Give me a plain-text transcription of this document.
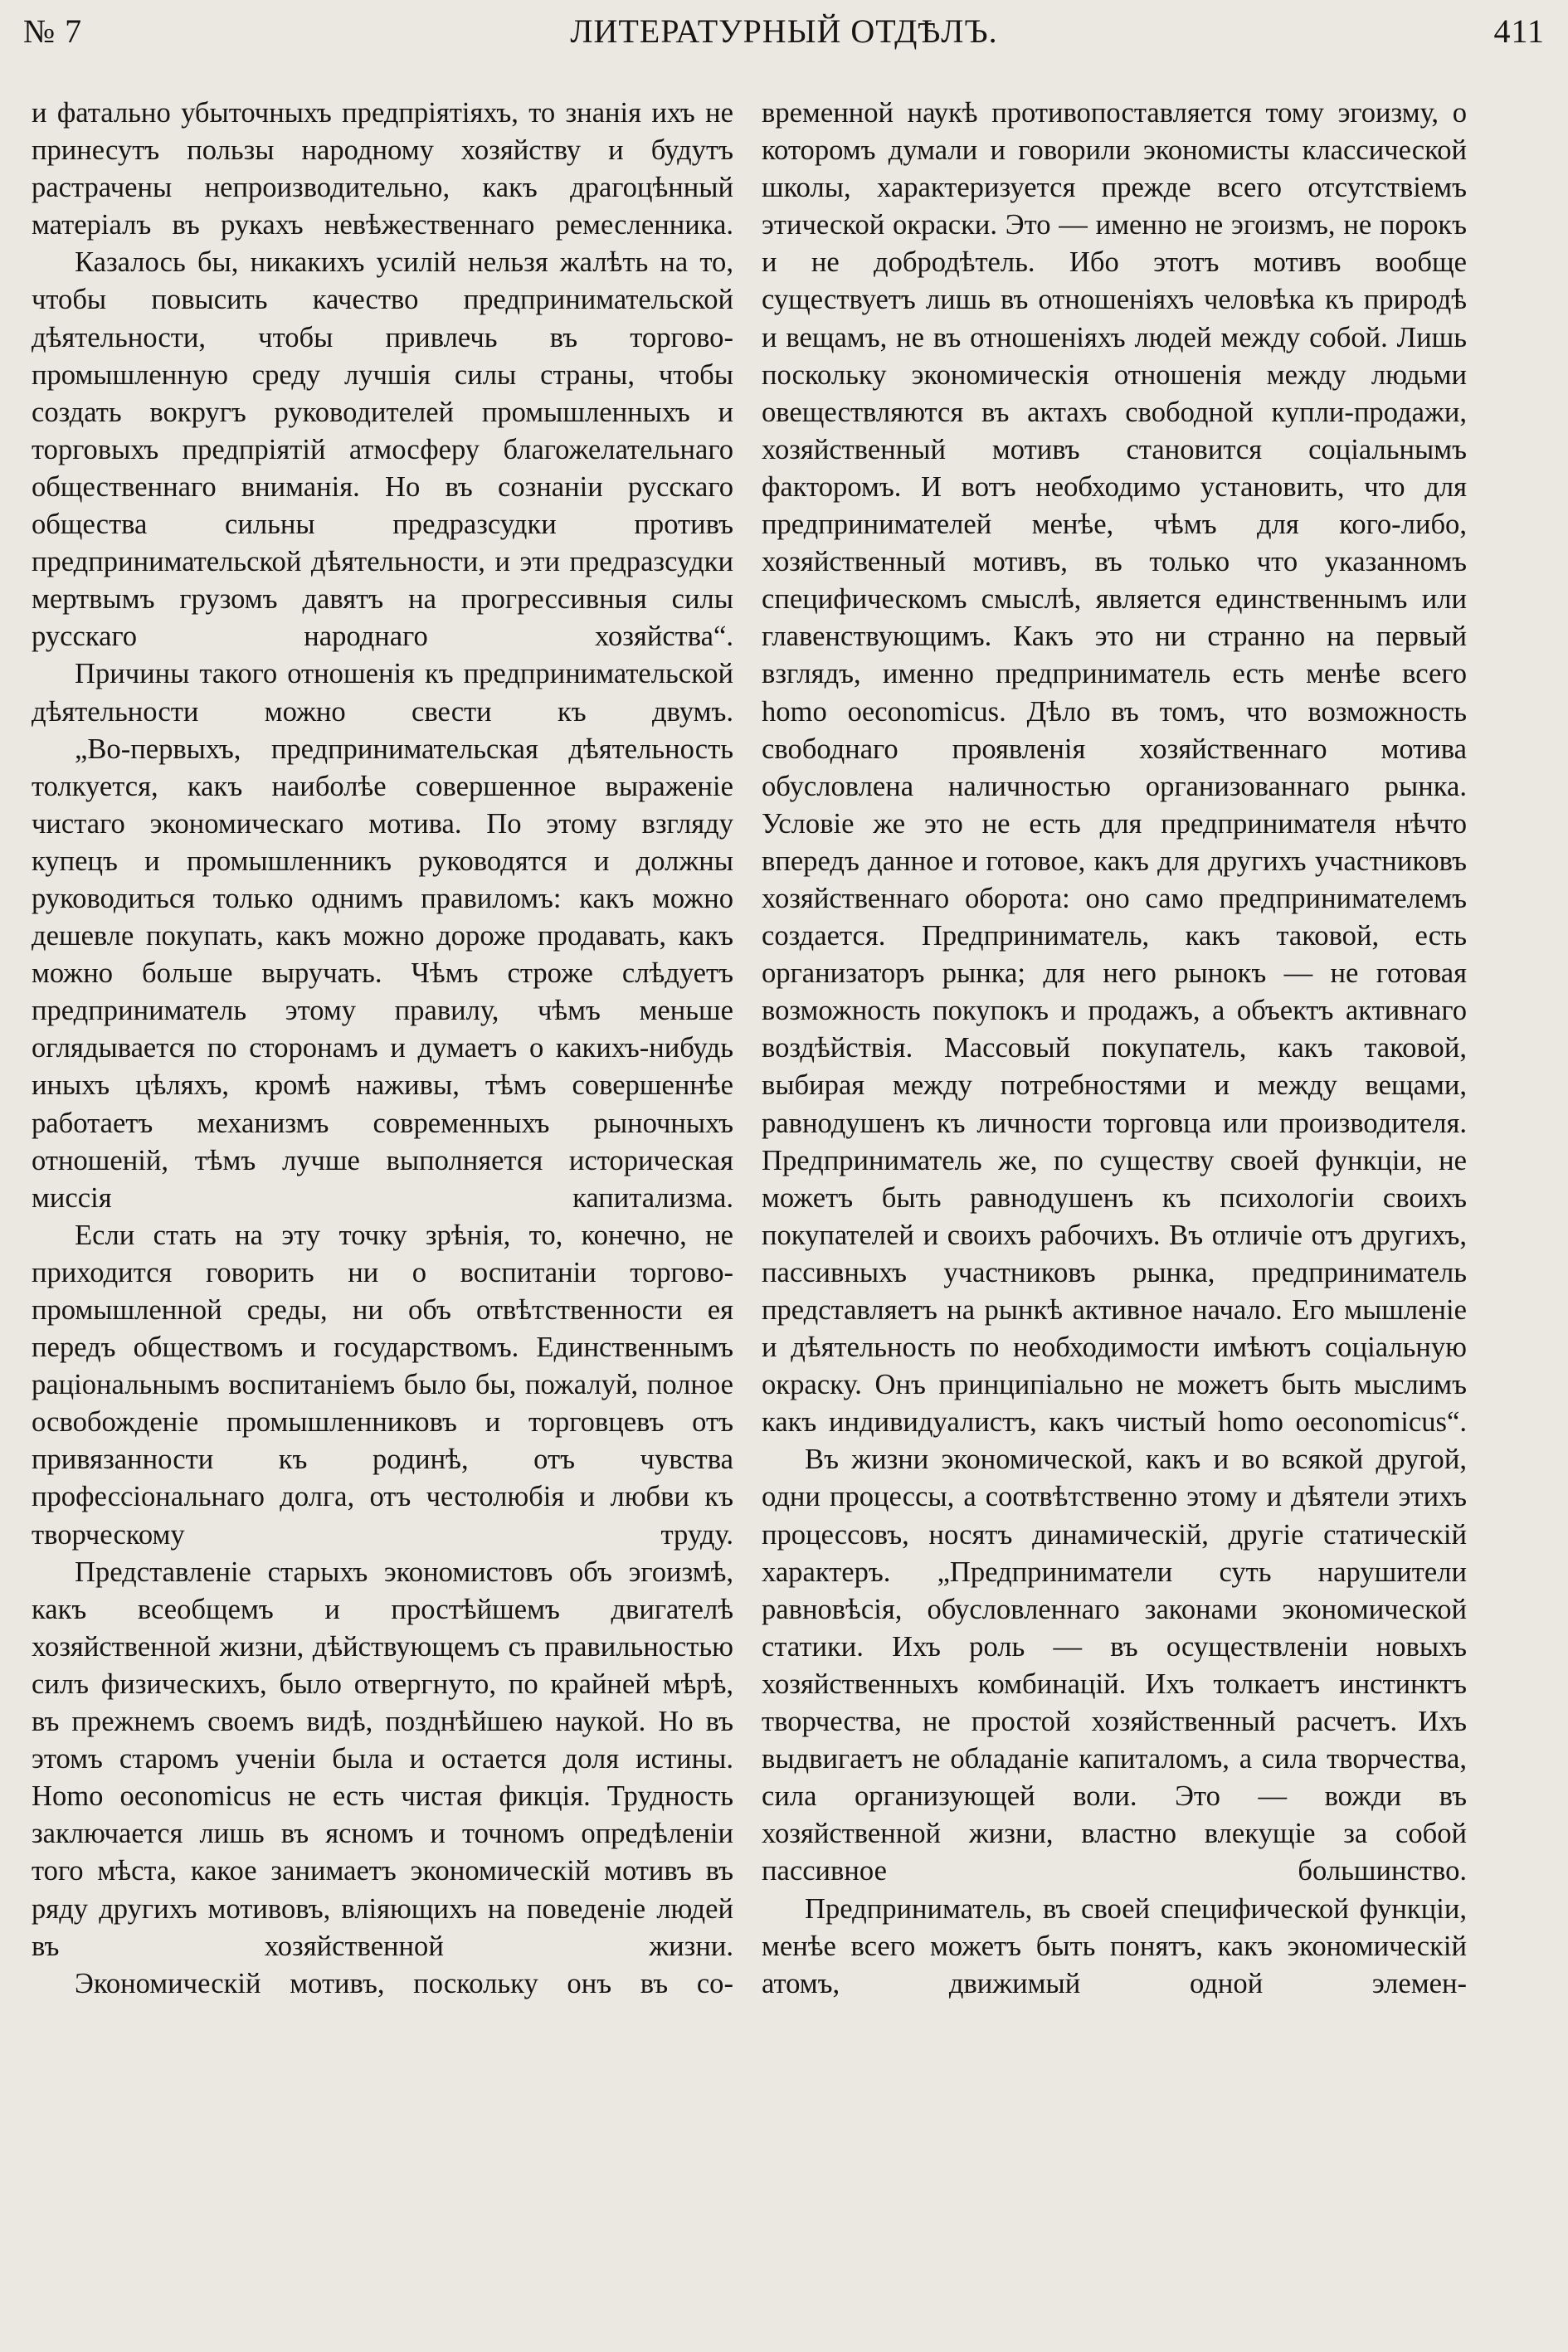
№ 7	ЛИТЕРАТУРНЫЙ ОТДѢЛЪ.	411

и фатально убыточныхъ предпріятіяхъ, то знанія ихъ не принесутъ пользы народному хозяйству и будутъ растрачены непроизводительно, какъ драгоцѣнный матеріалъ въ рукахъ невѣжественнаго ремесленника.

Казалось бы, никакихъ усилій нельзя жалѣть на то, чтобы повысить качество предпринимательской дѣятельности, чтобы привлечь въ торгово-промышленную среду лучшія силы страны, чтобы создать вокругъ руководителей промышленныхъ и торговыхъ предпріятій атмосферу благожелательнаго общественнаго вниманія. Но въ сознаніи русскаго общества сильны предразсудки противъ предпринимательской дѣятельности, и эти предразсудки мертвымъ грузомъ давятъ на прогрессивныя силы русскаго народнаго хозяйства“.

Причины такого отношенія къ предпринимательской дѣятельности можно свести къ двумъ.

„Во-первыхъ, предпринимательская дѣятельность толкуется, какъ наиболѣе совершенное выраженіе чистаго экономическаго мотива. По этому взгляду купецъ и промышленникъ руководятся и должны руководиться только однимъ правиломъ: какъ можно дешевле покупать, какъ можно дороже продавать, какъ можно больше выручать. Чѣмъ строже слѣдуетъ предприниматель этому правилу, чѣмъ меньше оглядывается по сторонамъ и думаетъ о какихъ-нибудь иныхъ цѣляхъ, кромѣ наживы, тѣмъ совершеннѣе работаетъ механизмъ современныхъ рыночныхъ отношеній, тѣмъ лучше выполняется историческая миссія капитализма.

Если стать на эту точку зрѣнія, то, конечно, не приходится говорить ни о воспитаніи торгово-промышленной среды, ни объ отвѣтственности ея передъ обществомъ и государствомъ. Единственнымъ раціональнымъ воспитаніемъ было бы, пожалуй, полное освобожденіе промышленниковъ и торговцевъ отъ привязанности къ родинѣ, отъ чувства профессіональнаго долга, отъ честолюбія и любви къ творческому труду.

Представленіе старыхъ экономистовъ объ эгоизмѣ, какъ всеобщемъ и простѣйшемъ двигателѣ хозяйственной жизни, дѣйствующемъ съ правильностью силъ физическихъ, было отвергнуто, по крайней мѣрѣ, въ прежнемъ своемъ видѣ, позднѣйшею наукой. Но въ этомъ старомъ ученіи была и остается доля истины. Homo oeconomicus не есть чистая фикція. Трудность заключается лишь въ ясномъ и точномъ опредѣленіи того мѣста, какое занимаетъ экономическій мотивъ въ ряду другихъ мотивовъ, вліяющихъ на поведеніе людей въ хозяйственной жизни.

Экономическій мотивъ, поскольку онъ въ со-

временной наукѣ противопоставляется тому эгоизму, о которомъ думали и говорили экономисты классической школы, характеризуется прежде всего отсутствіемъ этической окраски. Это — именно не эгоизмъ, не порокъ и не добродѣтель. Ибо этотъ мотивъ вообще существуетъ лишь въ отношеніяхъ человѣка къ природѣ и вещамъ, не въ отношеніяхъ людей между собой. Лишь поскольку экономическія отношенія между людьми овеществляются въ актахъ свободной купли-продажи, хозяйственный мотивъ становится соціальнымъ факторомъ. И вотъ необходимо установить, что для предпринимателей менѣе, чѣмъ для кого-либо, хозяйственный мотивъ, въ только что указанномъ специфическомъ смыслѣ, является единственнымъ или главенствующимъ. Какъ это ни странно на первый взглядъ, именно предприниматель есть менѣе всего homo oeconomicus. Дѣло въ томъ, что возможность свободнаго проявленія хозяйственнаго мотива обусловлена наличностью организованнаго рынка. Условіе же это не есть для предпринимателя нѣчто впередъ данное и готовое, какъ для другихъ участниковъ хозяйственнаго оборота: оно само предпринимателемъ создается. Предприниматель, какъ таковой, есть организаторъ рынка; для него рынокъ — не готовая возможность покупокъ и продажъ, а объектъ активнаго воздѣйствія. Массовый покупатель, какъ таковой, выбирая между потребностями и между вещами, равнодушенъ къ личности торговца или производителя. Предприниматель же, по существу своей функціи, не можетъ быть равнодушенъ къ психологіи своихъ покупателей и своихъ рабочихъ. Въ отличіе отъ другихъ, пассивныхъ участниковъ рынка, предприниматель представляетъ на рынкѣ активное начало. Его мышленіе и дѣятельность по необходимости имѣютъ соціальную окраску. Онъ принципіально не можетъ быть мыслимъ какъ индивидуалистъ, какъ чистый homo oeconomicus“.

Въ жизни экономической, какъ и во всякой другой, одни процессы, а соотвѣтственно этому и дѣятели этихъ процессовъ, носятъ динамическій, другіе статическій характеръ. „Предприниматели суть нарушители равновѣсія, обусловленнаго законами экономической статики. Ихъ роль — въ осуществленіи новыхъ хозяйственныхъ комбинацій. Ихъ толкаетъ инстинктъ творчества, не простой хозяйственный расчетъ. Ихъ выдвигаетъ не обладаніе капиталомъ, а сила творчества, сила организующей воли. Это — вожди въ хозяйственной жизни, властно влекущіе за собой пассивное большинство.

Предприниматель, въ своей специфической функціи, менѣе всего можетъ быть понятъ, какъ экономическій атомъ, движимый одной элемен-
